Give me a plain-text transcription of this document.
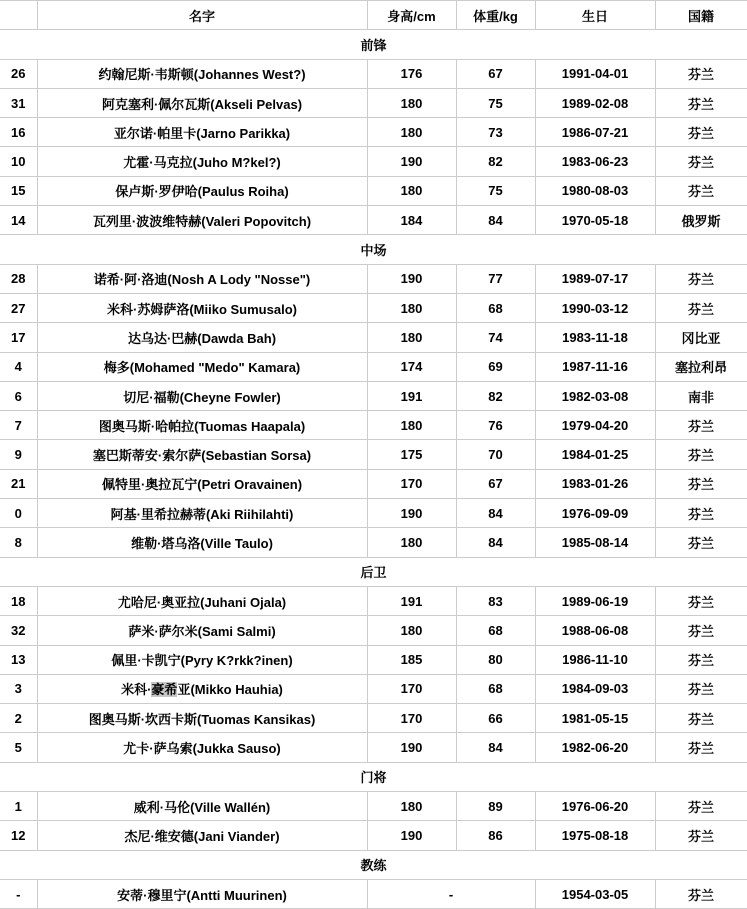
	名字	身高/cm	体重/kg	生日	国籍
前锋					
26	约翰尼斯·韦斯顿(Johannes West?)	176	67	1991-04-01	芬兰
31	阿克塞利·佩尔瓦斯(Akseli Pelvas)	180	75	1989-02-08	芬兰
16	亚尔诺·帕里卡(Jarno Parikka)	180	73	1986-07-21	芬兰
10	尤霍·马克拉(Juho M?kel?)	190	82	1983-06-23	芬兰
15	保卢斯·罗伊哈(Paulus Roiha)	180	75	1980-08-03	芬兰
14	瓦列里·波波维特赫(Valeri Popovitch)	184	84	1970-05-18	俄罗斯
中场					
28	诺希·阿·洛迪(Nosh A Lody "Nosse")	190	77	1989-07-17	芬兰
27	米科·苏姆萨洛(Miiko Sumusalo)	180	68	1990-03-12	芬兰
17	达乌达·巴赫(Dawda Bah)	180	74	1983-11-18	冈比亚
4	梅多(Mohamed "Medo" Kamara)	174	69	1987-11-16	塞拉利昂
6	切尼·福勒(Cheyne Fowler)	191	82	1982-03-08	南非
7	图奥马斯·哈帕拉(Tuomas Haapala)	180	76	1979-04-20	芬兰
9	塞巴斯蒂安·索尔萨(Sebastian Sorsa)	175	70	1984-01-25	芬兰
21	佩特里·奥拉瓦宁(Petri Oravainen)	170	67	1983-01-26	芬兰
0	阿基·里希拉赫蒂(Aki Riihilahti)	190	84	1976-09-09	芬兰
8	维勒·塔乌洛(Ville Taulo)	180	84	1985-08-14	芬兰
后卫					
18	尤哈尼·奥亚拉(Juhani Ojala)	191	83	1989-06-19	芬兰
32	萨米·萨尔米(Sami Salmi)	180	68	1988-06-08	芬兰
13	佩里·卡凯宁(Pyry K?rkk?inen)	185	80	1986-11-10	芬兰
3	米科·豪希亚(Mikko Hauhia)	170	68	1984-09-03	芬兰
2	图奥马斯·坎西卡斯(Tuomas Kansikas)	170	66	1981-05-15	芬兰
5	尤卡·萨乌索(Jukka Sauso)	190	84	1982-06-20	芬兰
门将					
1	威利·马伦(Ville Wallén)	180	89	1976-06-20	芬兰
12	杰尼·维安德(Jani Viander)	190	86	1975-08-18	芬兰
教练					
-	安蒂·穆里宁(Antti Muurinen)	-		1954-03-05	芬兰
